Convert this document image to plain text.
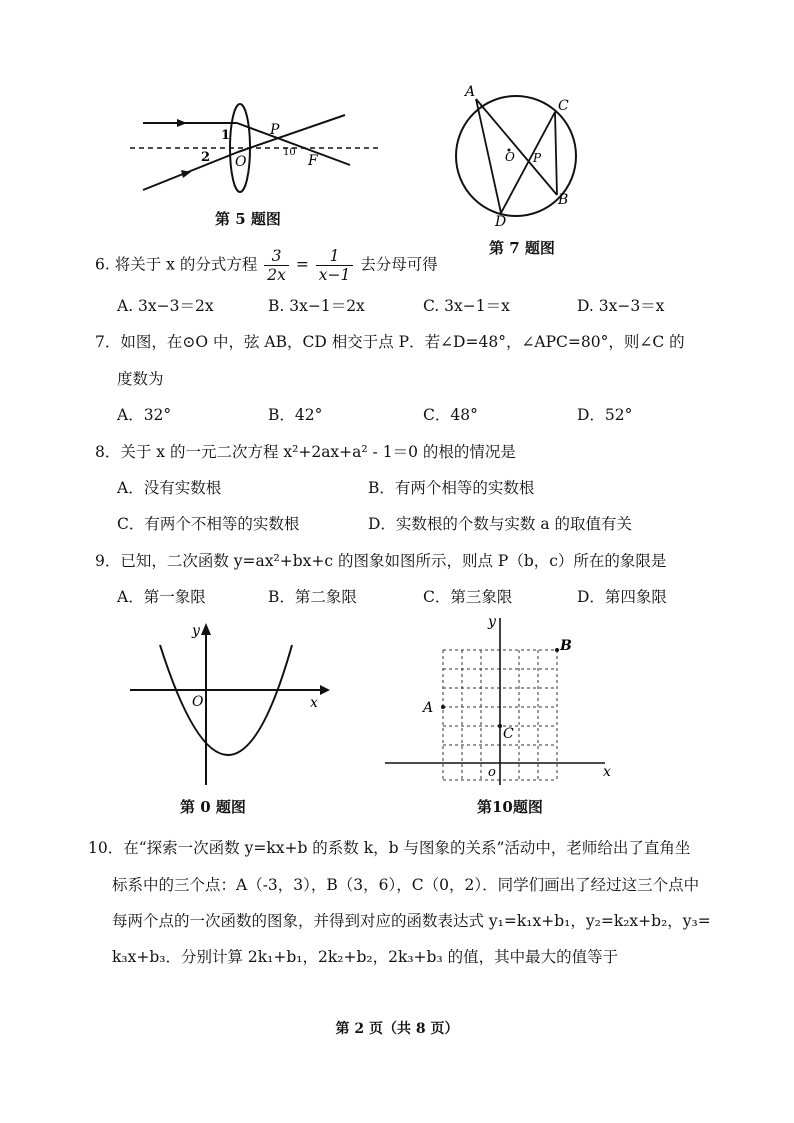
1
2 O
P
10
F
第 5 题图
A
C
O P
D
B
第 7 题图
6. 将关于 x 的分式方程 $\frac{3}{2x} = \frac{1}{x-1}$ 去分母可得
A. 3x−3＝2x	B. 3x−1＝2x	C. 3x−1＝x	D. 3x−3＝x
7．如图，在⊙O 中，弦 AB，CD 相交于点 P．若∠D=48°，∠APC=80°，则∠C 的
度数为
A．32°	B．42°	C．48°	D．52°
8．关于 x 的一元二次方程 x²+2ax+a² - 1＝0 的根的情况是
A．没有实数根	B．有两个相等的实数根
C．有两个不相等的实数根	D．实数根的个数与实数 a 的取值有关
9．已知，二次函数 y=ax²+bx+c 的图象如图所示，则点 P（b，c）所在的象限是
A．第一象限	B．第二象限	C．第三象限	D．第四象限
y
O	x
第 0 题图
y
B
A
C
o	x
第10题图
10．在“探索一次函数 y=kx+b 的系数 k，b 与图象的关系”活动中，老师给出了直角坐
标系中的三个点：A（-3，3），B（3，6），C（0，2）．同学们画出了经过这三个点中
每两个点的一次函数的图象，并得到对应的函数表达式 y₁=k₁x+b₁，y₂=k₂x+b₂，y₃=
k₃x+b₃．分别计算 2k₁+b₁，2k₂+b₂，2k₃+b₃ 的值，其中最大的值等于
第 2 页（共 8 页）
